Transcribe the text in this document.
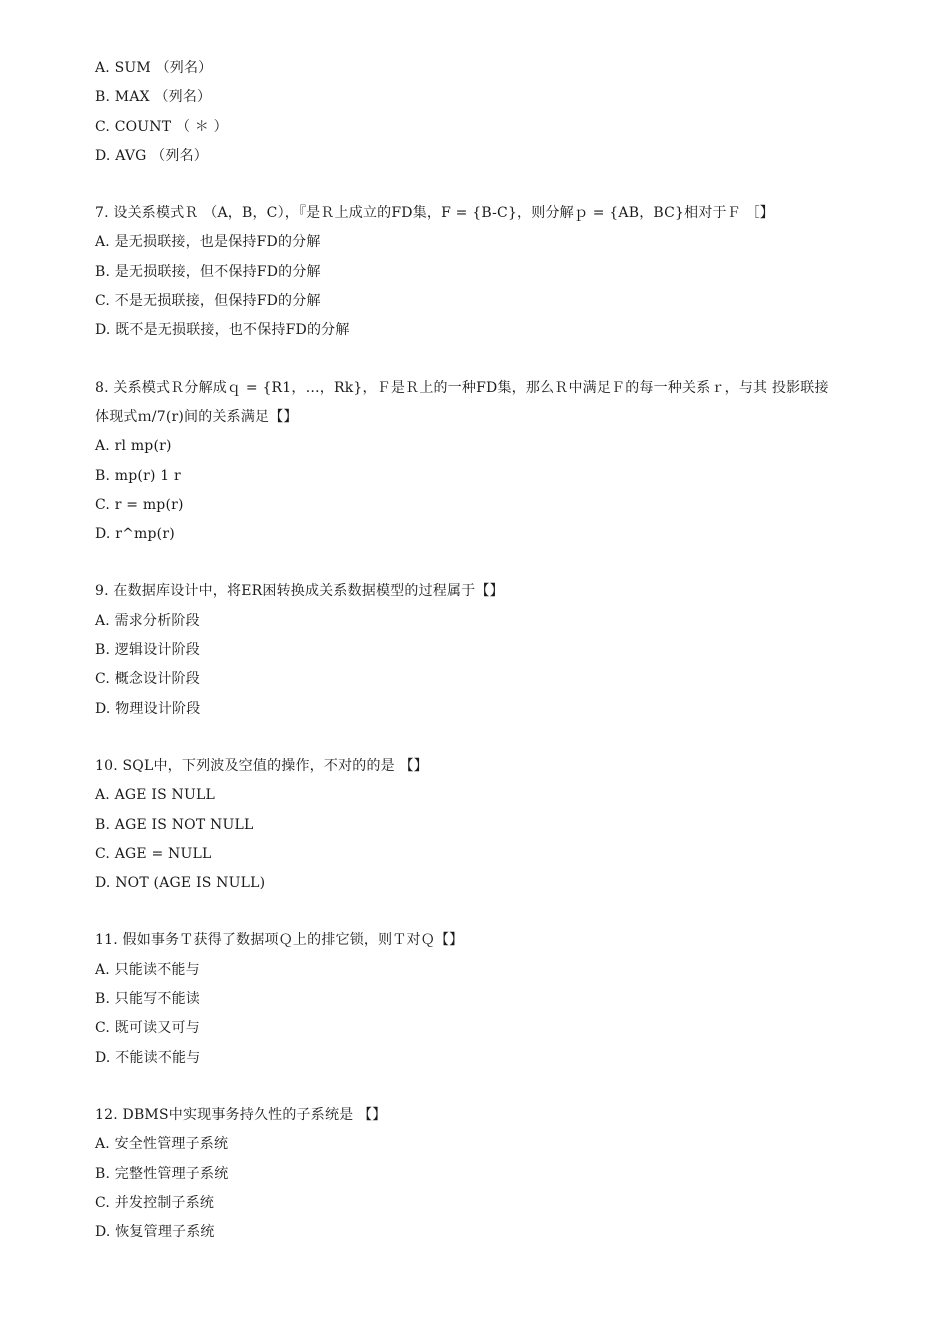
A. SUM （列名）
B. MAX （列名）
C. COUNT （ ＊ ）
D. AVG （列名）
7. 设关系模式Ｒ （A，B，C），『是Ｒ上成立的FD集，F = {B-C}，则分解ｐ = {AB，BC}相对于Ｆ ［】
A. 是无损联接，也是保持FD的分解
B. 是无损联接，但不保持FD的分解
C. 不是无损联接，但保持FD的分解
D. 既不是无损联接，也不保持FD的分解
8. 关系模式Ｒ分解成ｑ = {R1，…，Rk}，Ｆ是Ｒ上的一种FD集，那么Ｒ中满足Ｆ的每一种关系ｒ，与其 投影联接
体现式ｍ/7(r)间的关系满足【】
A. rl mp(r)
B. mp(r) 1 r
C. r = mp(r)
D. r^mp(r)
9. 在数据库设计中，将ER困转换成关系数据模型的过程属于【】
A. 需求分析阶段
B. 逻辑设计阶段
C. 概念设计阶段
D. 物理设计阶段
10. SQL中，下列波及空值的操作，不对的的是 【】
A. AGE IS NULL
B. AGE IS NOT NULL
C. AGE = NULL
D. NOT (AGE IS NULL)
11. 假如事务Ｔ获得了数据项Ｑ上的排它锁，则Ｔ对Ｑ【】
A. 只能读不能与
B. 只能写不能读
C. 既可读又可与
D. 不能读不能与
12. DBMS中实现事务持久性的子系统是 【】
A. 安全性管理子系统
B. 完整性管理子系统
C. 并发控制子系统
D. 恢复管理子系统
